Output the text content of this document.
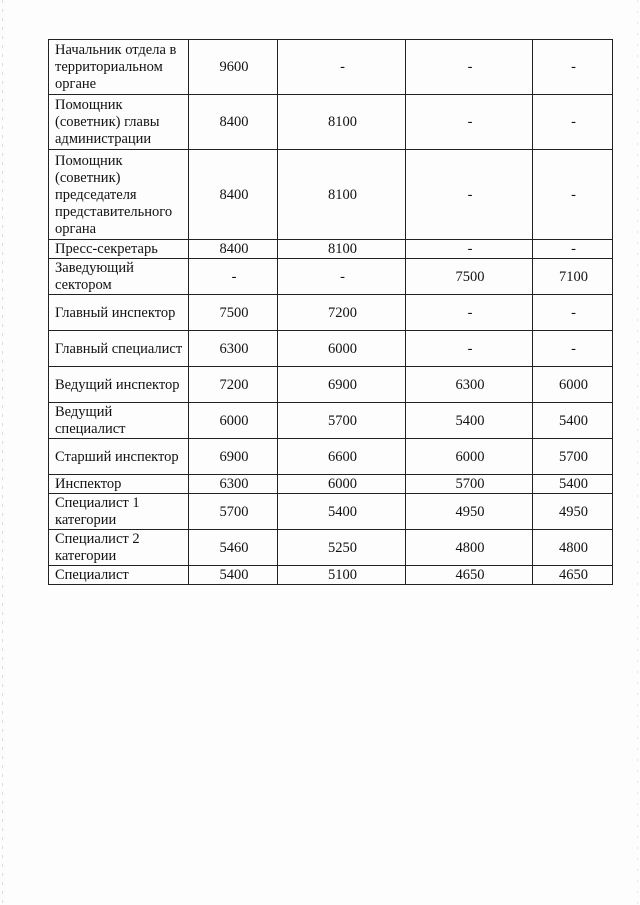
Начальник отдела в территориальном органе	9600	-	-	-
Помощник (советник) главы администрации	8400	8100	-	-
Помощник (советник) председателя представительного органа	8400	8100	-	-
Пресс-секретарь	8400	8100	-	-
Заведующий сектором	-	-	7500	7100
Главный инспектор	7500	7200	-	-
Главный специалист	6300	6000	-	-
Ведущий инспектор	7200	6900	6300	6000
Ведущий специалист	6000	5700	5400	5400
Старший инспектор	6900	6600	6000	5700
Инспектор	6300	6000	5700	5400
Специалист 1 категории	5700	5400	4950	4950
Специалист 2 категории	5460	5250	4800	4800
Специалист	5400	5100	4650	4650
